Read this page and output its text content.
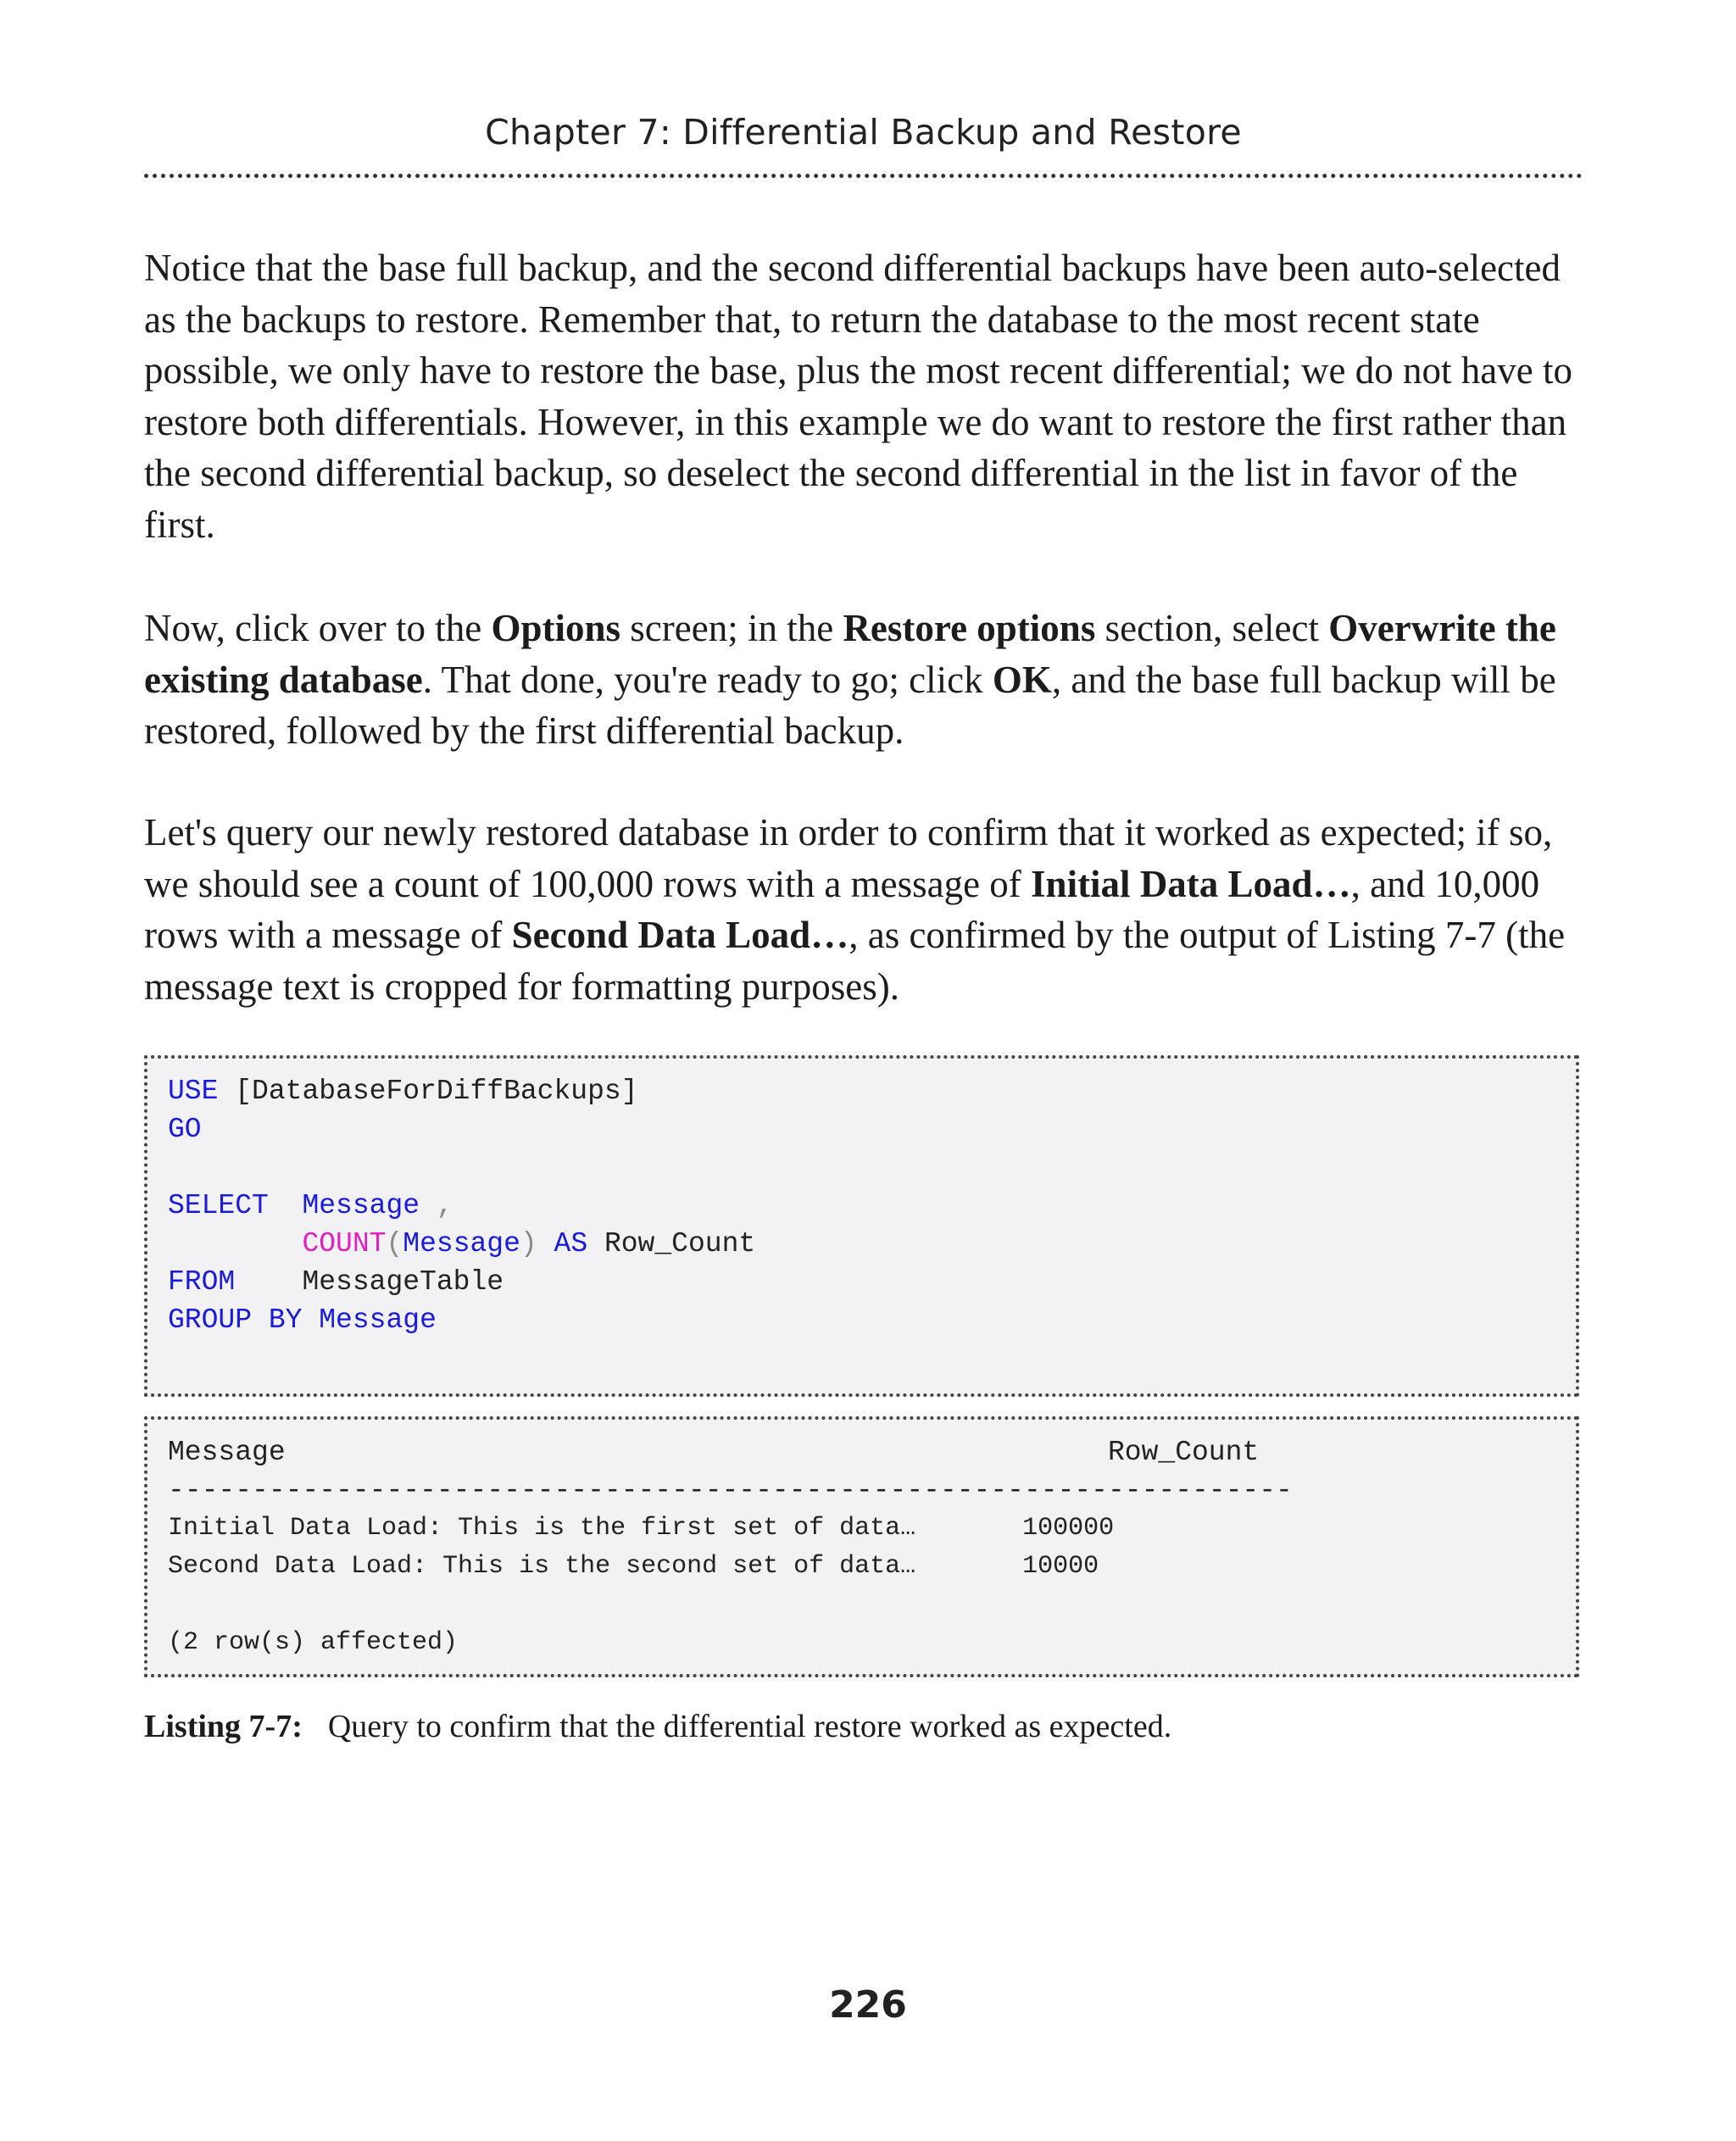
Chapter 7: Differential Backup and Restore

Notice that the base full backup, and the second differential backups have been auto-selected as the backups to restore. Remember that, to return the database to the most recent state possible, we only have to restore the base, plus the most recent differential; we do not have to restore both differentials. However, in this example we do want to restore the first rather than the second differential backup, so deselect the second differential in the list in favor of the first.

Now, click over to the Options screen; in the Restore options section, select Overwrite the existing database. That done, you're ready to go; click OK, and the base full backup will be restored, followed by the first differential backup.

Let's query our newly restored database in order to confirm that it worked as expected; if so, we should see a count of 100,000 rows with a message of Initial Data Load…, and 10,000 rows with a message of Second Data Load…, as confirmed by the output of Listing 7-7 (the message text is cropped for formatting purposes).

USE [DatabaseForDiffBackups]
GO
SELECT Message ,
COUNT(Message) AS Row_Count
FROM MessageTable
GROUP BY Message
Message                                                 Row_Count
-------------------------------------------------------------------
Initial Data Load: This is the first set of data…       100000
Second Data Load: This is the second set of data…       10000
(2 row(s) affected)
Listing 7-7: Query to confirm that the differential restore worked as expected.
226
